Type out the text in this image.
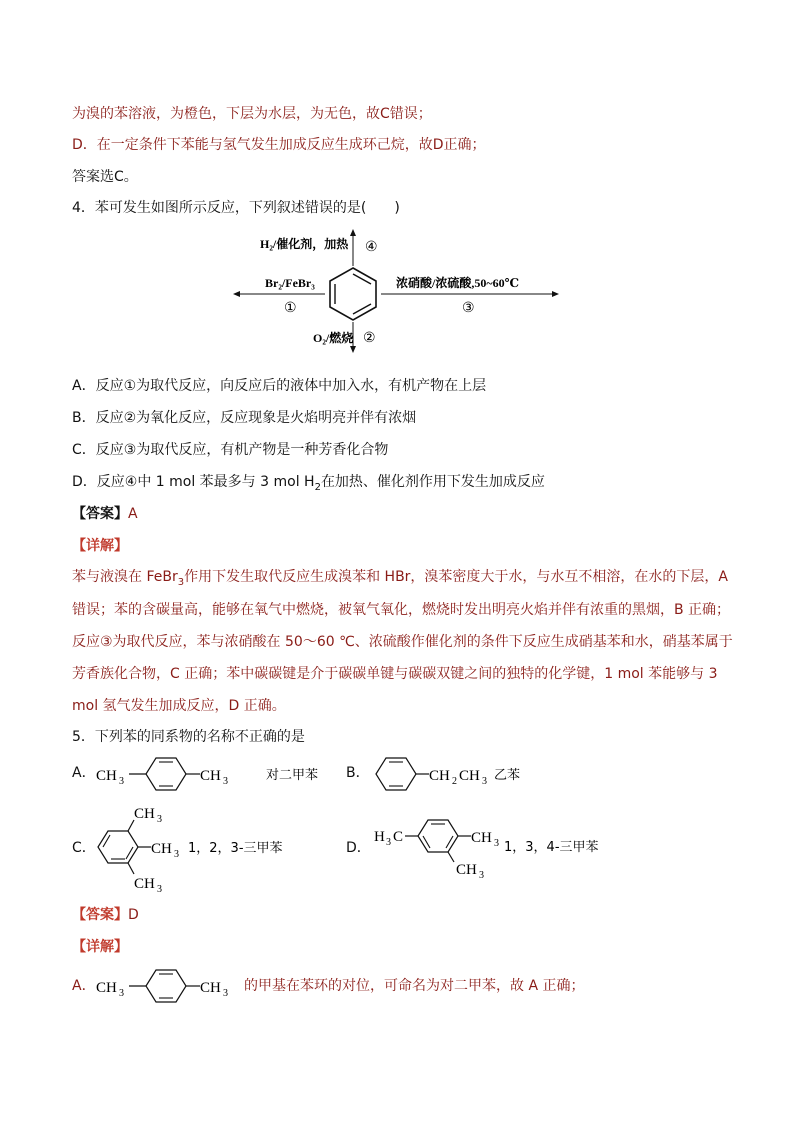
为溴的苯溶液，为橙色，下层为水层，为无色，故C错误；
D．在一定条件下苯能与氢气发生加成反应生成环己烷，故D正确；
答案选C。
4．苯可发生如图所示反应，下列叙述错误的是(　　)
H₂/催化剂，加热 ④
Br₂/FeBr₃
①
浓硝酸/浓硫酸,50~60℃
③
O₂/燃烧 ②
A．反应①为取代反应，向反应后的液体中加入水，有机产物在上层
B．反应②为氧化反应，反应现象是火焰明亮并伴有浓烟
C．反应③为取代反应，有机产物是一种芳香化合物
D．反应④中 1 mol 苯最多与 3 mol $H_2$在加热、催化剂作用下发生加成反应
【答案】A
【详解】
苯与液溴在 FeBr$_3$作用下发生取代反应生成溴苯和 HBr，溴苯密度大于水，与水互不相溶，在水的下层，A
错误；苯的含碳量高，能够在氧气中燃烧，被氧气氧化，燃烧时发出明亮火焰并伴有浓重的黑烟，B 正确；
反应③为取代反应，苯与浓硝酸在 50～60 ℃、浓硫酸作催化剂的条件下反应生成硝基苯和水，硝基苯属于
芳香族化合物，C 正确；苯中碳碳键是介于碳碳单键与碳碳双键之间的独特的化学键，1 mol 苯能够与 3
mol 氢气发生加成反应，D 正确。
5．下列苯的同系物的名称不正确的是
A． CH 3	CH 3	对二甲苯 B．	CH 2 CH 3 乙苯
C．
CH 3
CH 3
CH 3
1，2，3-三甲苯	D．
H 3 C	CH 3
CH 3
1，3，4-三甲苯
【答案】D
【详解】
A． CH 3	CH 3 的甲基在苯环的对位，可命名为对二甲苯，故 A 正确；
